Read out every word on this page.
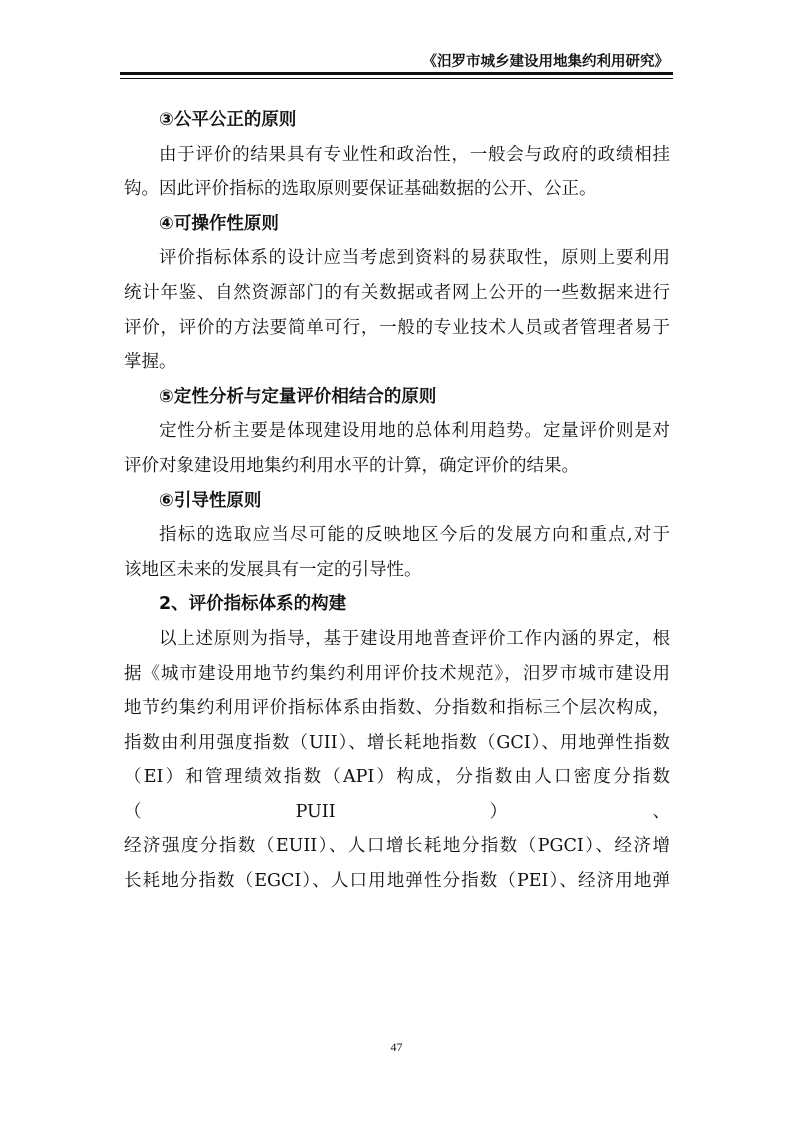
《汨罗市城乡建设用地集约利用研究》
③公平公正的原则

由于评价的结果具有专业性和政治性，一般会与政府的政绩相挂

钩。因此评价指标的选取原则要保证基础数据的公开、公正。

④可操作性原则

评价指标体系的设计应当考虑到资料的易获取性，原则上要利用

统计年鉴、自然资源部门的有关数据或者网上公开的一些数据来进行

评价，评价的方法要简单可行，一般的专业技术人员或者管理者易于

掌握。

⑤定性分析与定量评价相结合的原则

定性分析主要是体现建设用地的总体利用趋势。定量评价则是对

评价对象建设用地集约利用水平的计算，确定评价的结果。

⑥引导性原则

指标的选取应当尽可能的反映地区今后的发展方向和重点,对于

该地区未来的发展具有一定的引导性。

2、评价指标体系的构建

以上述原则为指导，基于建设用地普查评价工作内涵的界定，根

据《城市建设用地节约集约利用评价技术规范》，汨罗市城市建设用

地节约集约利用评价指标体系由指数、分指数和指标三个层次构成，

指数由利用强度指数（UII）、增长耗地指数（GCI）、用地弹性指数

（EI）和管理绩效指数（API）构成，分指数由人口密度分指数（PUII）、

经济强度分指数（EUII）、人口增长耗地分指数（PGCI）、经济增

长耗地分指数（EGCI）、人口用地弹性分指数（PEI）、经济用地弹

47
